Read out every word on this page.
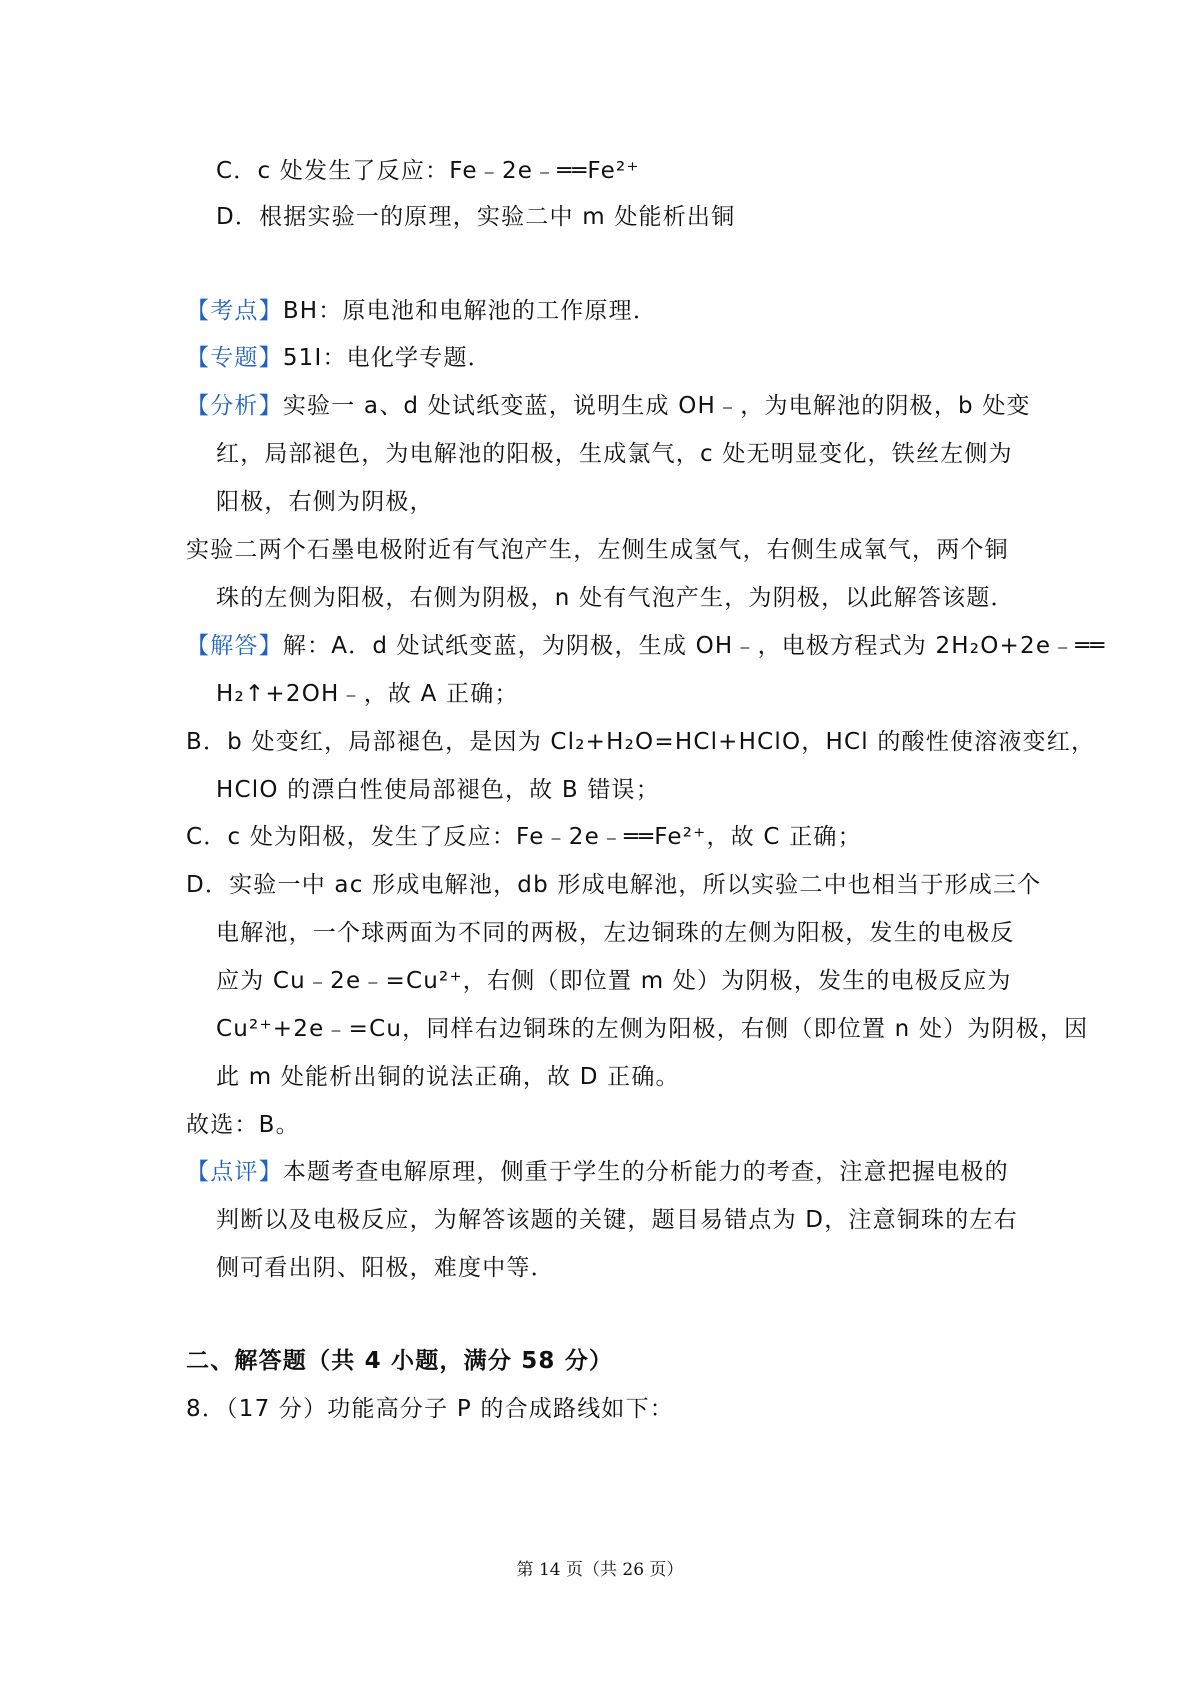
C．c 处发生了反应：Fe﹣2e﹣══Fe²⁺
D．根据实验一的原理，实验二中 m 处能析出铜
【考点】BH：原电池和电解池的工作原理．
【专题】51I：电化学专题．
【分析】实验一 a、d 处试纸变蓝，说明生成 OH﹣，为电解池的阴极，b 处变
红，局部褪色，为电解池的阳极，生成氯气，c 处无明显变化，铁丝左侧为
阳极，右侧为阴极，
实验二两个石墨电极附近有气泡产生，左侧生成氢气，右侧生成氧气，两个铜
珠的左侧为阳极，右侧为阴极，n 处有气泡产生，为阴极，以此解答该题．
【解答】解：A．d 处试纸变蓝，为阴极，生成 OH﹣，电极方程式为 2H₂O+2e﹣══
H₂↑+2OH﹣，故 A 正确；
B．b 处变红，局部褪色，是因为 Cl₂+H₂O=HCl+HClO，HCl 的酸性使溶液变红，
HClO 的漂白性使局部褪色，故 B 错误；
C．c 处为阳极，发生了反应：Fe﹣2e﹣══Fe²⁺，故 C 正确；
D．实验一中 ac 形成电解池，db 形成电解池，所以实验二中也相当于形成三个
电解池，一个球两面为不同的两极，左边铜珠的左侧为阳极，发生的电极反
应为 Cu﹣2e﹣=Cu²⁺，右侧（即位置 m 处）为阴极，发生的电极反应为
Cu²⁺+2e﹣=Cu，同样右边铜珠的左侧为阳极，右侧（即位置 n 处）为阴极，因
此 m 处能析出铜的说法正确，故 D 正确。
故选：B。
【点评】本题考查电解原理，侧重于学生的分析能力的考查，注意把握电极的
判断以及电极反应，为解答该题的关键，题目易错点为 D，注意铜珠的左右
侧可看出阴、阳极，难度中等．
二、解答题（共 4 小题，满分 58 分）
8．（17 分）功能高分子 P 的合成路线如下：
第 14 页（共 26 页）
